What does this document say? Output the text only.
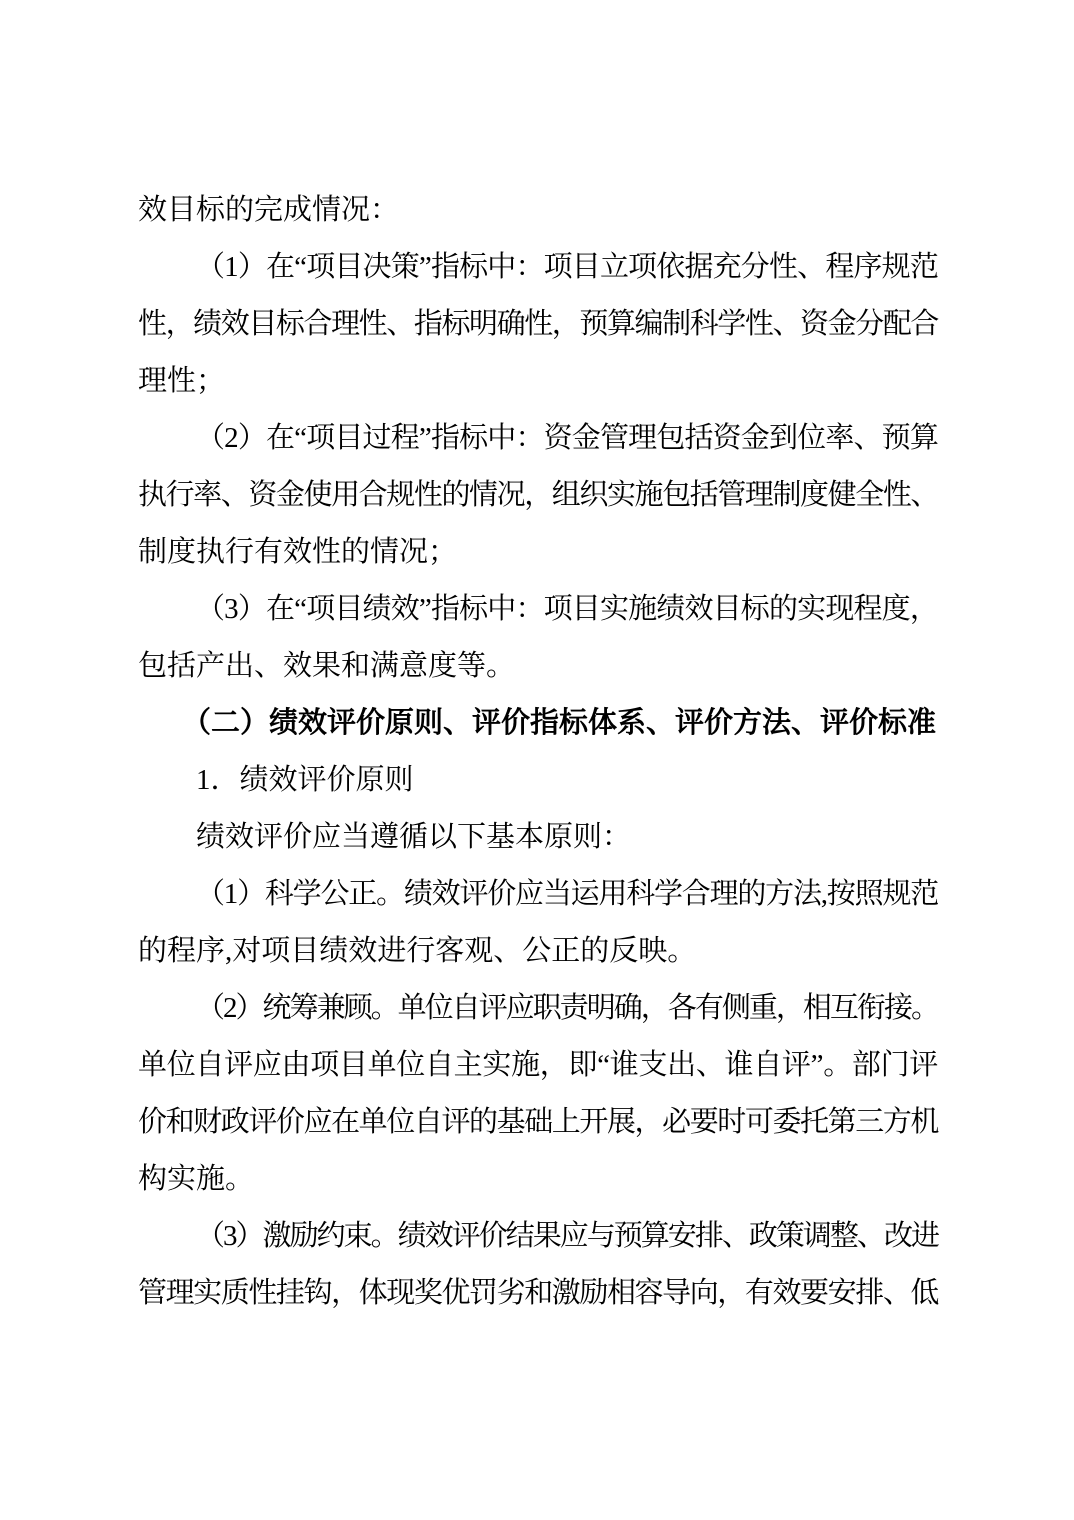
效目标的完成情况：
（1）在“项目决策”指标中：项目立项依据充分性、程序规范
性，绩效目标合理性、指标明确性，预算编制科学性、资金分配合
理性；
（2）在“项目过程”指标中：资金管理包括资金到位率、预算
执行率、资金使用合规性的情况，组织实施包括管理制度健全性、
制度执行有效性的情况；
（3）在“项目绩效”指标中：项目实施绩效目标的实现程度，
包括产出、效果和满意度等。
（二）绩效评价原则、评价指标体系、评价方法、评价标准
1．绩效评价原则
绩效评价应当遵循以下基本原则：
（1）科学公正。绩效评价应当运用科学合理的方法,按照规范
的程序,对项目绩效进行客观、公正的反映。
（2）统筹兼顾。单位自评应职责明确，各有侧重，相互衔接。
单位自评应由项目单位自主实施，即“谁支出、谁自评”。部门评
价和财政评价应在单位自评的基础上开展，必要时可委托第三方机
构实施。
（3）激励约束。绩效评价结果应与预算安排、政策调整、改进
管理实质性挂钩，体现奖优罚劣和激励相容导向，有效要安排、低
